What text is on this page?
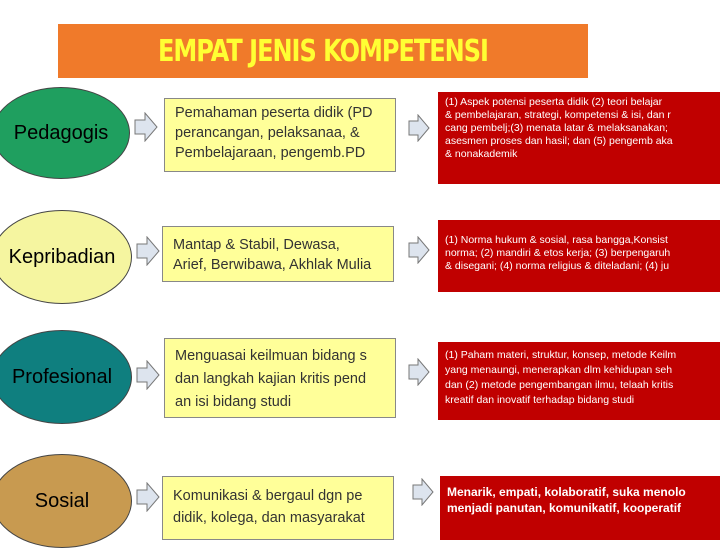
EMPAT JENIS KOMPETENSI
Pedagogis
Pemahaman peserta didik (PD
perancangan, pelaksanaa, &
Pembelajaraan, pengemb.PD
(1) Aspek potensi peserta didik (2) teori belajar
& pembelajaran, strategi, kompetensi & isi, dan r
cang pembelj;(3) menata latar & melaksanakan;
asesmen proses dan hasil; dan (5) pengemb aka
& nonakademik
Kepribadian
Mantap & Stabil, Dewasa,
Arief, Berwibawa, Akhlak Mulia
(1) Norma hukum & sosial, rasa bangga,Konsist
norma; (2) mandiri & etos kerja; (3) berpengaruh
& disegani; (4) norma religius & diteladani; (4) ju
Profesional
Menguasai keilmuan bidang s
dan langkah kajian kritis pend
an isi bidang studi
(1) Paham materi, struktur, konsep, metode Keilm
yang menaungi, menerapkan dlm kehidupan seh
dan (2) metode pengembangan ilmu, telaah kritis
kreatif dan inovatif terhadap bidang studi
Sosial	Komunikasi & bergaul dgn pe
didik, kolega, dan masyarakat
Menarik, empati, kolaboratif, suka menolo
menjadi panutan, komunikatif, kooperatif
